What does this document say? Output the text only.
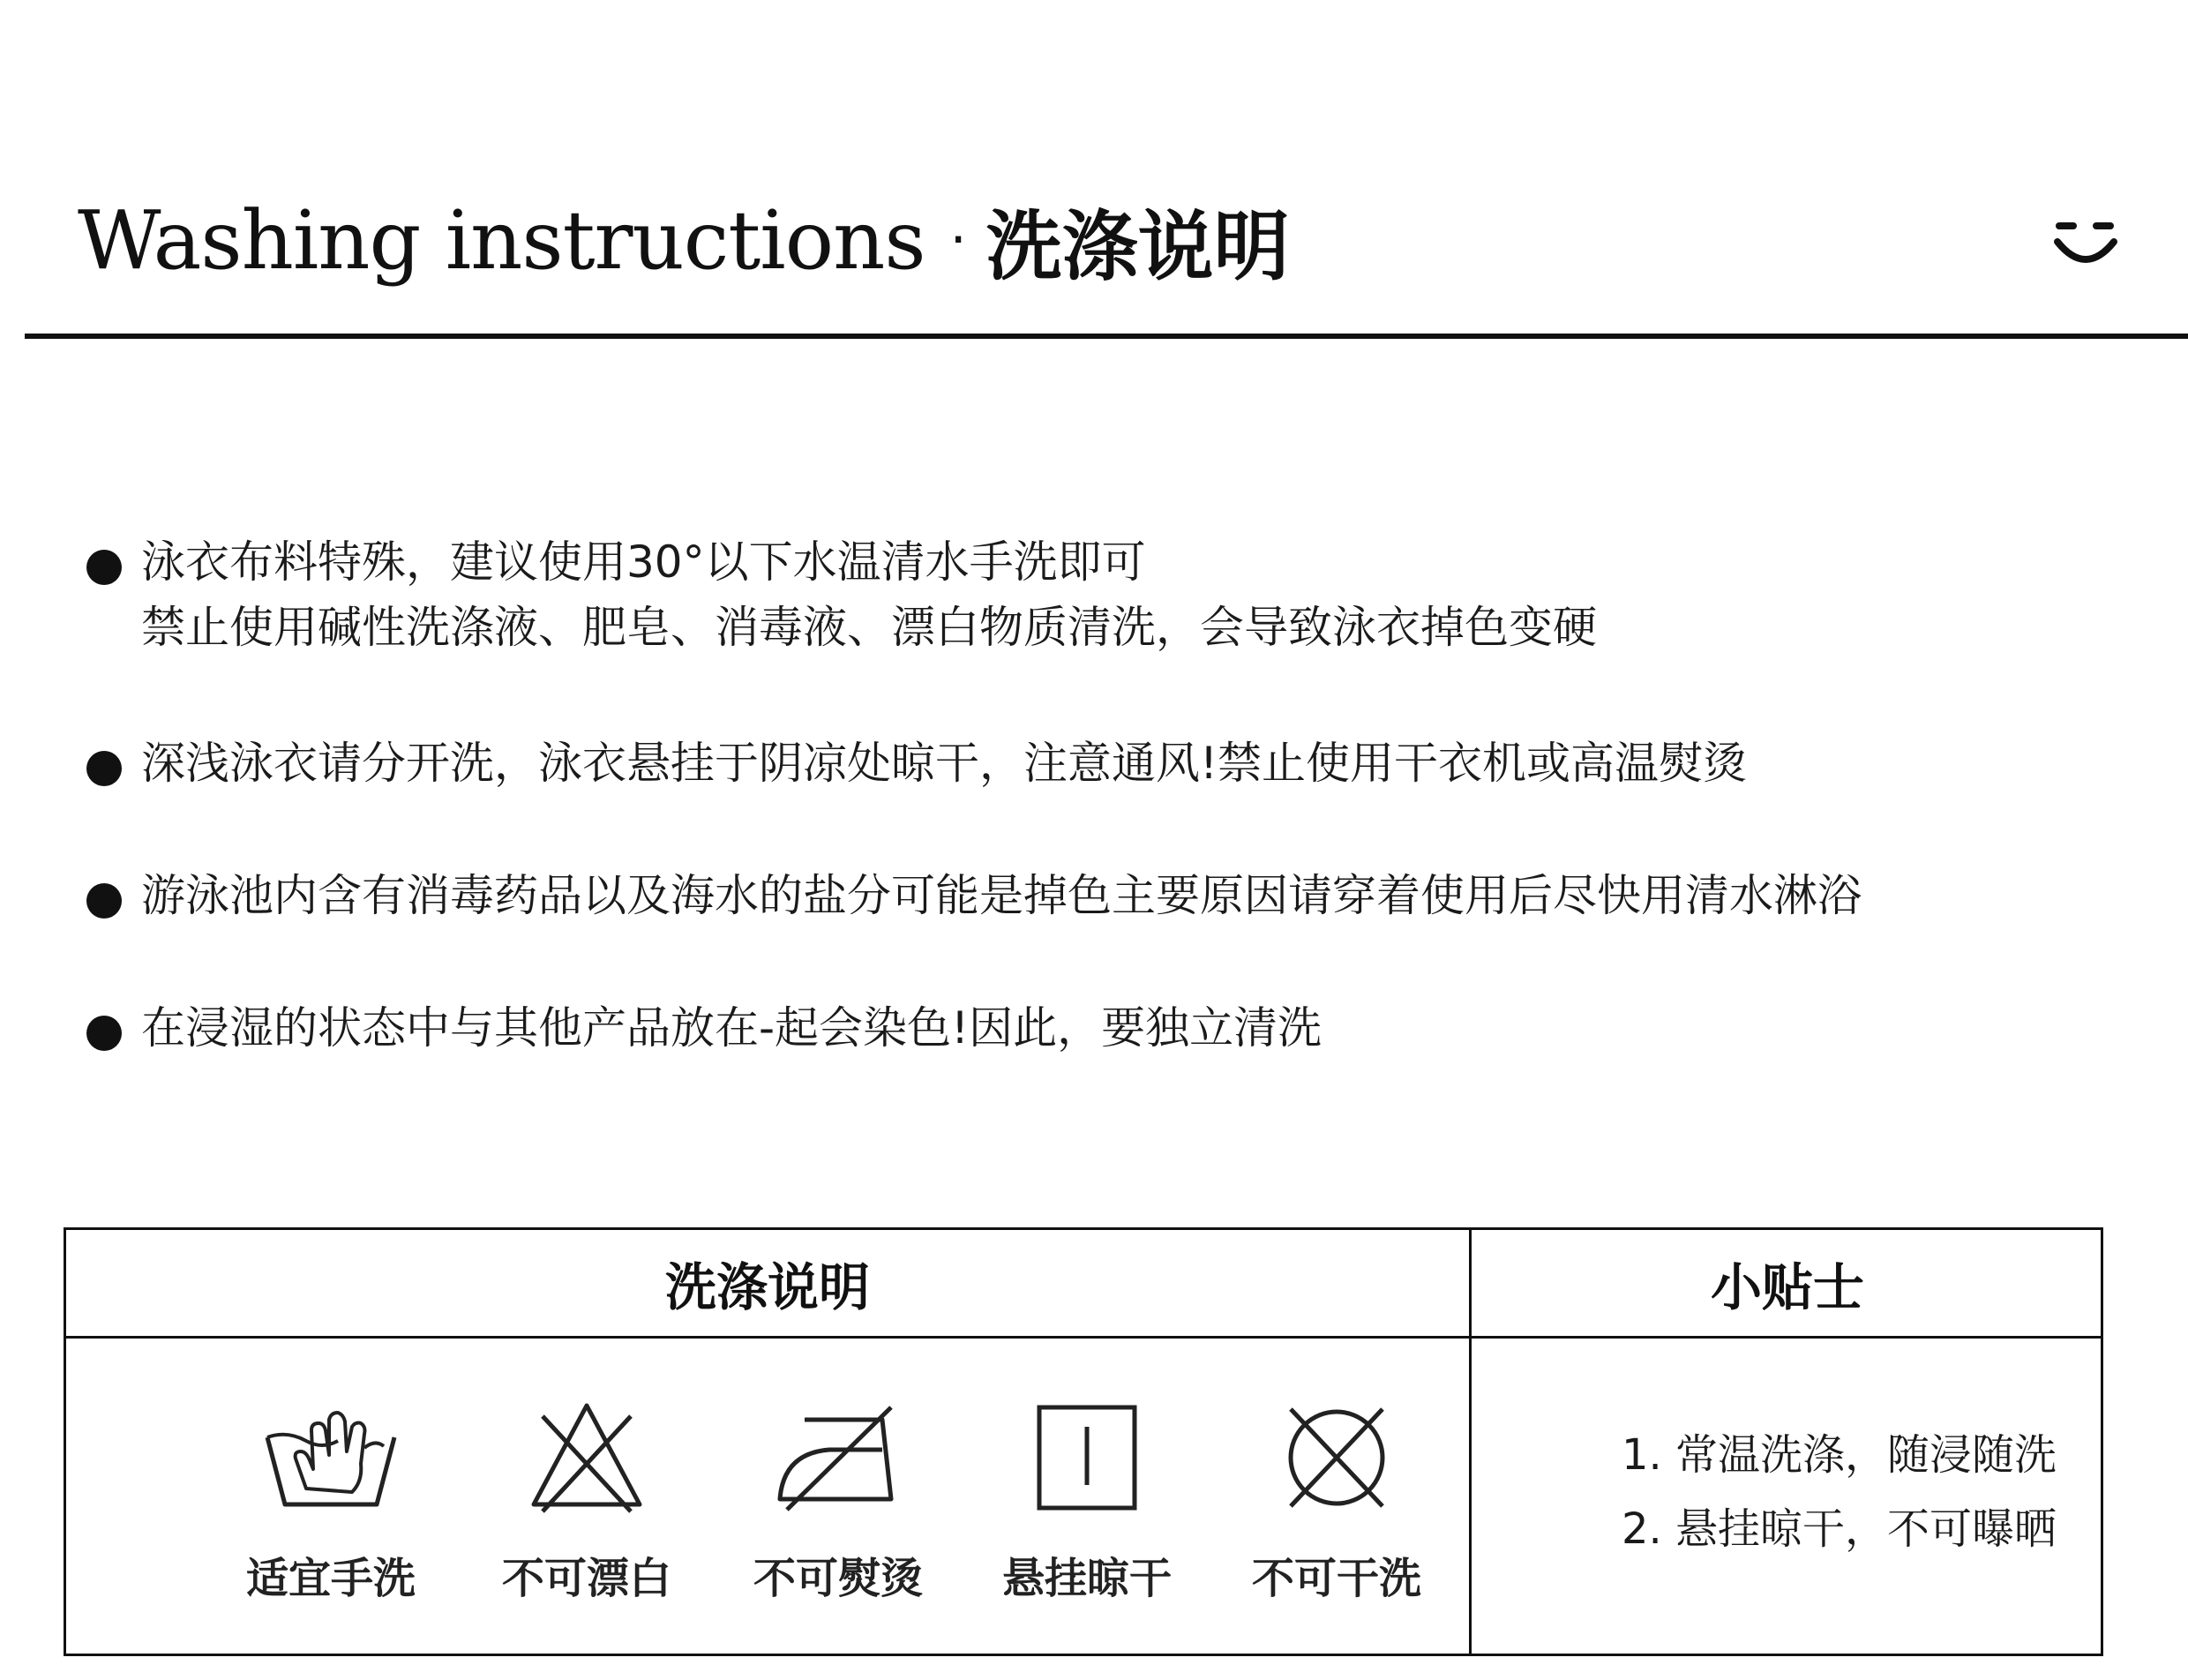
Washing instructions · 洗涤说明
泳衣布料特殊，建议使用30°以下水温清水手洗即可
禁止使用碱性洗涤液、肥皂、消毒液、漂白物质清洗，会导致泳衣掉色变硬
深浅泳衣请分开洗，泳衣悬挂于阴凉处晾干，注意通风!禁止使用干衣机或高温熨烫
游泳池内含有消毒药品以及海水的盐分可能是掉色主要原因请穿着使用后尽快用清水淋浴
在浸湿的状态中与其他产品放在-起会染色!因此，要独立清洗
洗涤说明	小贴士
适宜手洗	不可漂白	不可熨烫	悬挂晾干	不可干洗
1. 常温洗涤，随浸随洗
2. 悬挂晾干，不可曝晒
